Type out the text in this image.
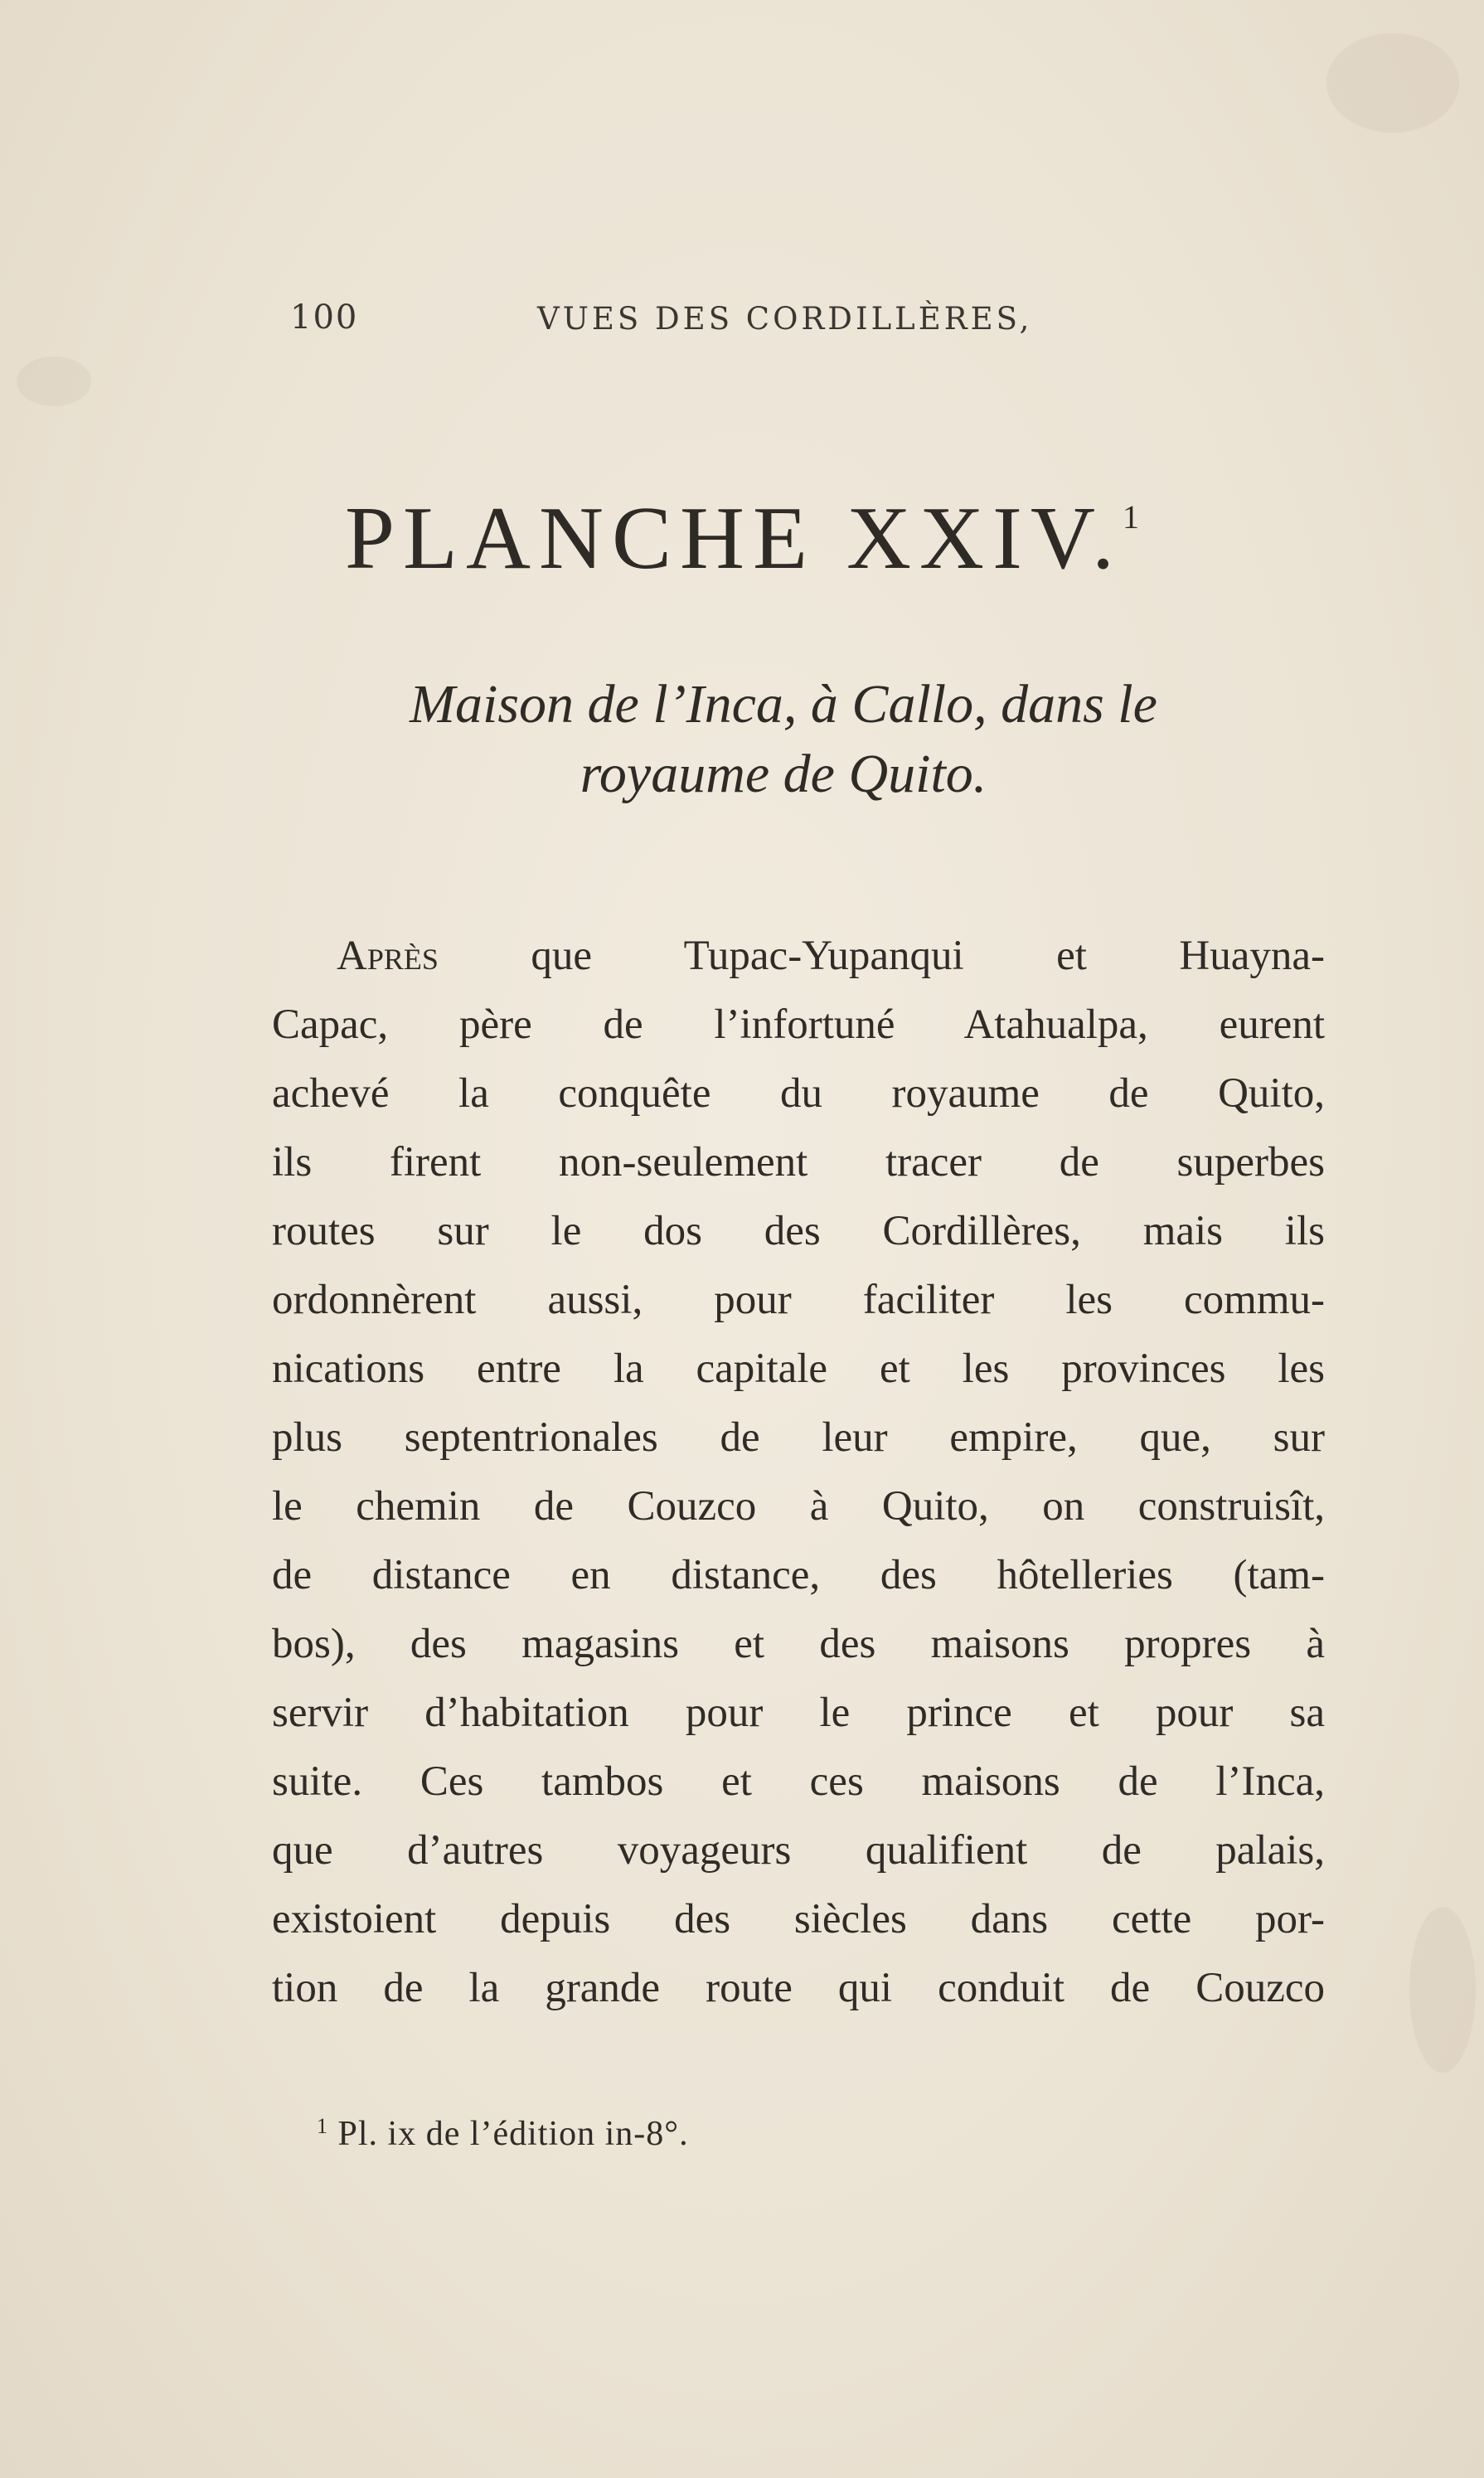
100	VUES DES CORDILLÈRES,
PLANCHE XXIV.$^1$
Maison de l’Inca, à Callo, dans le
royaume de Quito.
Après que Tupac-Yupanqui et Huayna-
Capac, père de l’infortuné Atahualpa, eurent
achevé la conquête du royaume de Quito,
ils firent non-seulement tracer de superbes
routes sur le dos des Cordillères, mais ils
ordonnèrent aussi, pour faciliter les commu-
nications entre la capitale et les provinces les
plus septentrionales de leur empire, que, sur
le chemin de Couzco à Quito, on construisît,
de distance en distance, des hôtelleries (tam-
bos), des magasins et des maisons propres à
servir d’habitation pour le prince et pour sa
suite. Ces tambos et ces maisons de l’Inca,
que d’autres voyageurs qualifient de palais,
existoient depuis des siècles dans cette por-
tion de la grande route qui conduit de Couzco
$^1$ Pl. ix de l’édition in-8°.
